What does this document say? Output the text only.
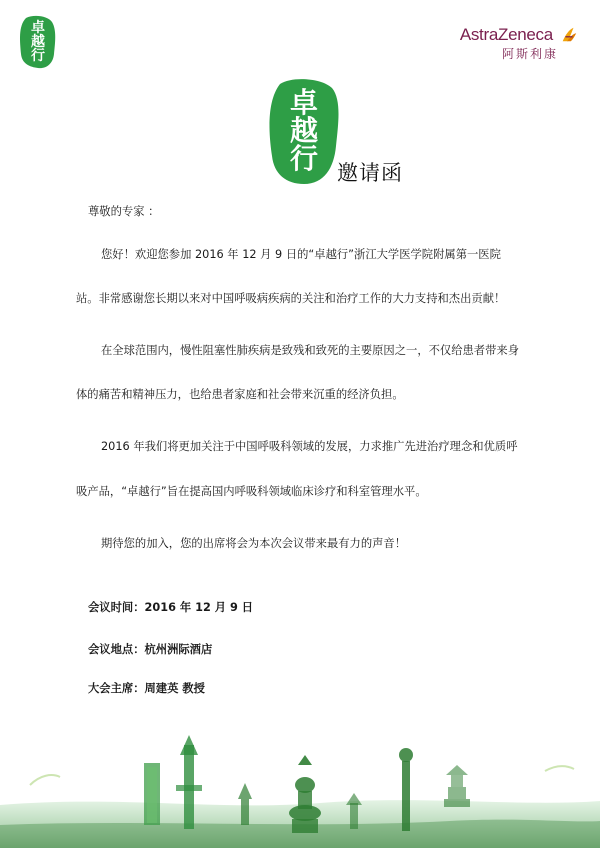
卓
越
行
AstraZeneca
阿斯利康
卓
越
行 邀请函
尊敬的专家 ：
您好！欢迎您参加 2016 年 12 月 9 日的“卓越行”浙江大学医学院附属第一医院
站。非常感谢您长期以来对中国呼吸病疾病的关注和治疗工作的大力支持和杰出贡献！
在全球范围内，慢性阻塞性肺疾病是致残和致死的主要原因之一，不仅给患者带来身
体的痛苦和精神压力，也给患者家庭和社会带来沉重的经济负担。
2016 年我们将更加关注于中国呼吸科领域的发展，力求推广先进治疗理念和优质呼
吸产品，“卓越行”旨在提高国内呼吸科领域临床诊疗和科室管理水平。
期待您的加入，您的出席将会为本次会议带来最有力的声音！
会议时间：2016 年 12 月 9 日
会议地点：杭州洲际酒店
大会主席：周建英 教授
